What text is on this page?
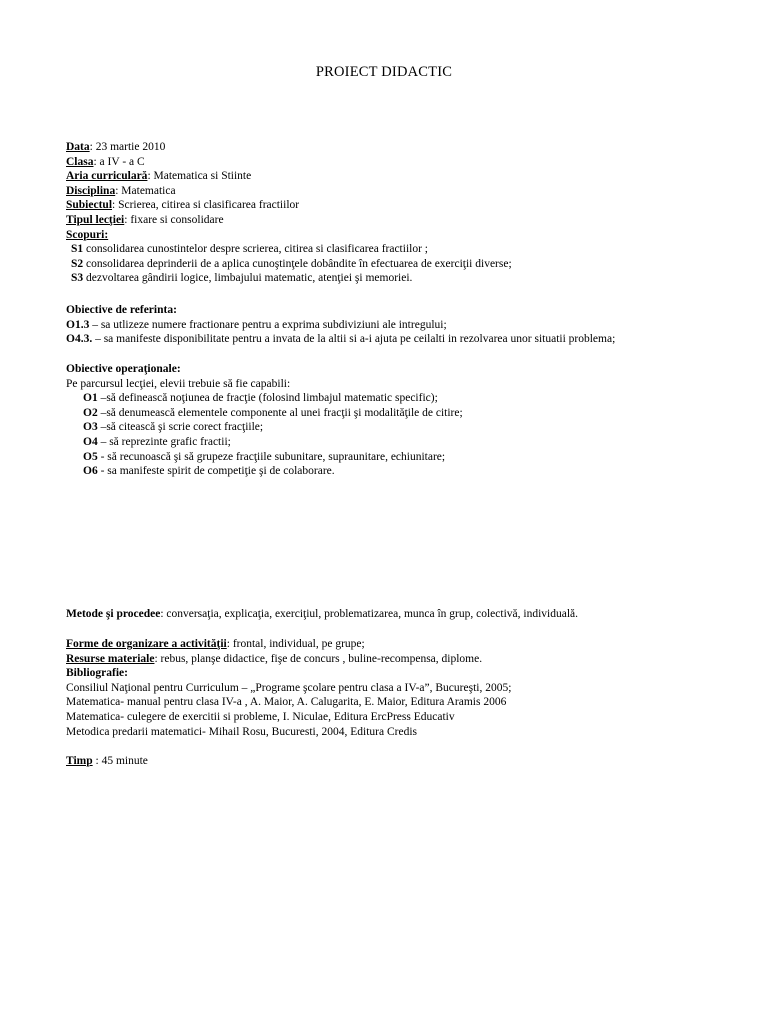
PROIECT DIDACTIC
Data: 23 martie 2010
Clasa: a IV - a C
Aria curriculară: Matematica si Stiinte
Disciplina: Matematica
Subiectul: Scrierea, citirea si clasificarea fractiilor
Tipul lecţiei: fixare si consolidare
Scopuri:
S1 consolidarea cunostintelor despre scrierea, citirea si clasificarea fractiilor ;
S2 consolidarea deprinderii de a aplica cunoştinţele dobândite în efectuarea de exerciţii diverse;
S3 dezvoltarea gândirii logice, limbajului matematic, atenţiei şi memoriei.
Obiective de referinta:
O1.3 – sa utlizeze numere fractionare pentru a exprima subdiviziuni ale intregului;
O4.3. – sa manifeste disponibilitate pentru a invata de la altii si a-i ajuta pe ceilalti in rezolvarea unor situatii problema;
Obiective operaţionale:
Pe parcursul lecţiei, elevii trebuie să fie capabili:
O1 –să definească noţiunea de fracţie (folosind limbajul matematic specific);
O2 –să denumească elementele componente al unei fracţii şi modalităţile de citire;
O3 –să citească şi scrie corect fracţiile;
O4 – să reprezinte grafic fractii;
O5 - să recunoască şi să grupeze fracţiile subunitare, supraunitare, echiunitare;
O6 - sa manifeste spirit de competiţie şi de colaborare.
Metode şi procedee: conversaţia, explicaţia, exerciţiul, problematizarea, munca în grup, colectivă, individuală.
Forme de organizare a activităţii: frontal, individual, pe grupe;
Resurse materiale: rebus, planşe didactice, fişe de concurs , buline-recompensa, diplome.
Bibliografie:
Consiliul Naţional pentru Curriculum – „Programe şcolare pentru clasa a IV-a”, Bucureşti, 2005;
Matematica- manual pentru clasa IV-a , A. Maior, A. Calugarita, E. Maior, Editura Aramis 2006
Matematica- culegere de exercitii si probleme, I. Niculae, Editura ErcPress Educativ
Metodica predarii matematici- Mihail Rosu, Bucuresti, 2004, Editura Credis
Timp : 45 minute
